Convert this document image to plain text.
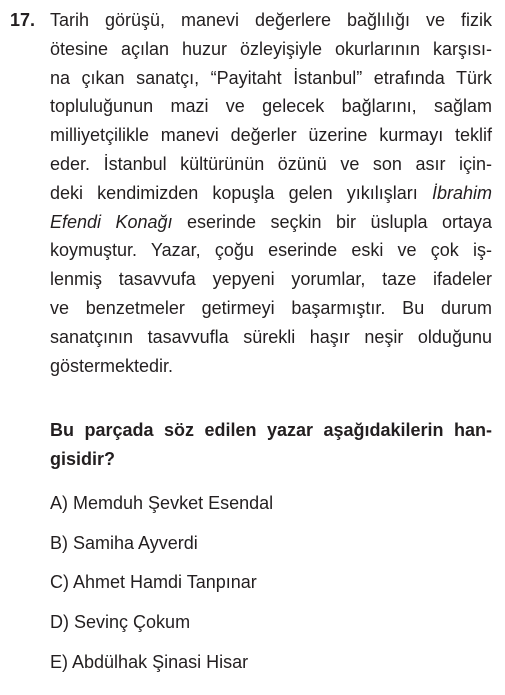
17. Tarih görüşü, manevi değerlere bağlılığı ve fizik
ötesine açılan huzur özleyişiyle okurlarının karşısı-
na çıkan sanatçı, “Payitaht İstanbul” etrafında Türk
topluluğunun mazi ve gelecek bağlarını, sağlam
milliyetçilikle manevi değerler üzerine kurmayı teklif
eder. İstanbul kültürünün özünü ve son asır için-
deki kendimizden kopuşla gelen yıkılışları İbrahim
Efendi Konağı eserinde seçkin bir üslupla ortaya
koymuştur. Yazar, çoğu eserinde eski ve çok iş-
lenmiş tasavvufa yepyeni yorumlar, taze ifadeler
ve benzetmeler getirmeyi başarmıştır. Bu durum
sanatçının tasavvufla sürekli haşır neşir olduğunu
göstermektedir.
Bu parçada söz edilen yazar aşağıdakilerin han-
gisidir?
A) Memduh Şevket Esendal
B) Samiha Ayverdi
C) Ahmet Hamdi Tanpınar
D) Sevinç Çokum
E) Abdülhak Şinasi Hisar
